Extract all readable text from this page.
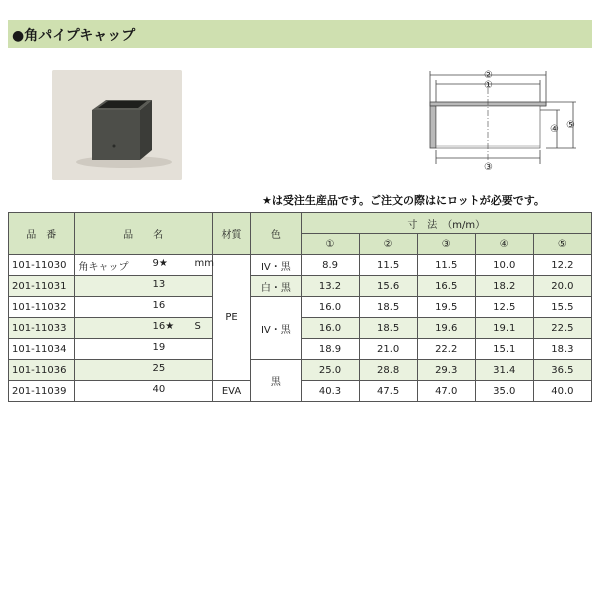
●角パイプキャップ
②
①
④ ⑤
③
★は受注生産品です。ご注文の際はにロットが必要です。
品　番	品　　名	材質	色	寸　法　（m/m）				
				①	②	③	④	⑤
101-11030	角キャップ 9★ mm	PE	IV・黒	8.9	11.5	11.5	10.0	12.2
201-11031	13		白・黒	13.2	15.6	16.5	18.2	20.0
101-11032	16		IV・黒	16.0	18.5	19.5	12.5	15.5
101-11033	16★ S			16.0	18.5	19.6	19.1	22.5
101-11034	19			18.9	21.0	22.2	15.1	18.3
101-11036	25		黒	25.0	28.8	29.3	31.4	36.5
201-11039	40	EVA		40.3	47.5	47.0	35.0	40.0
